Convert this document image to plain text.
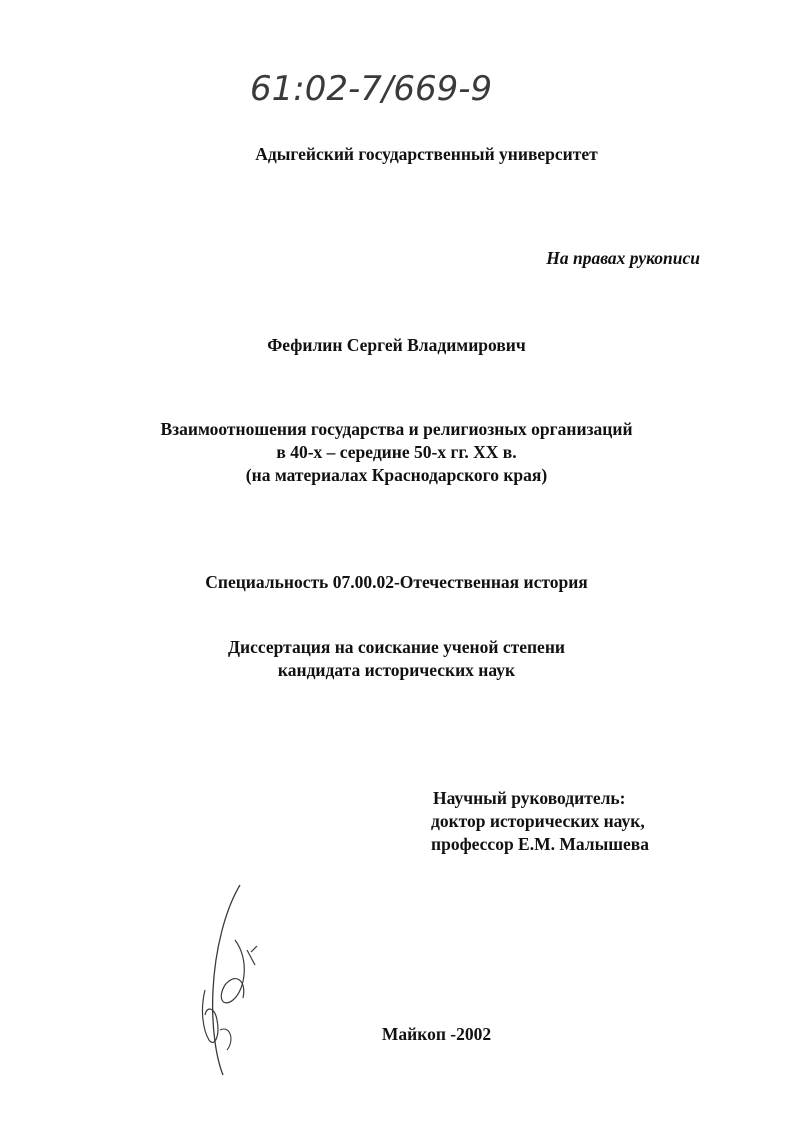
61:02-7/669-9
Адыгейский государственный университет
На правах рукописи
Фефилин Сергей Владимирович
Взаимоотношения государства и религиозных организаций
в 40-х – середине 50-х гг. XX в.
(на материалах Краснодарского края)
Специальность 07.00.02-Отечественная история
Диссертация на соискание ученой степени
кандидата исторических наук
Научный руководитель:
доктор исторических наук,
профессор Е.М. Малышева
Майкоп -2002
